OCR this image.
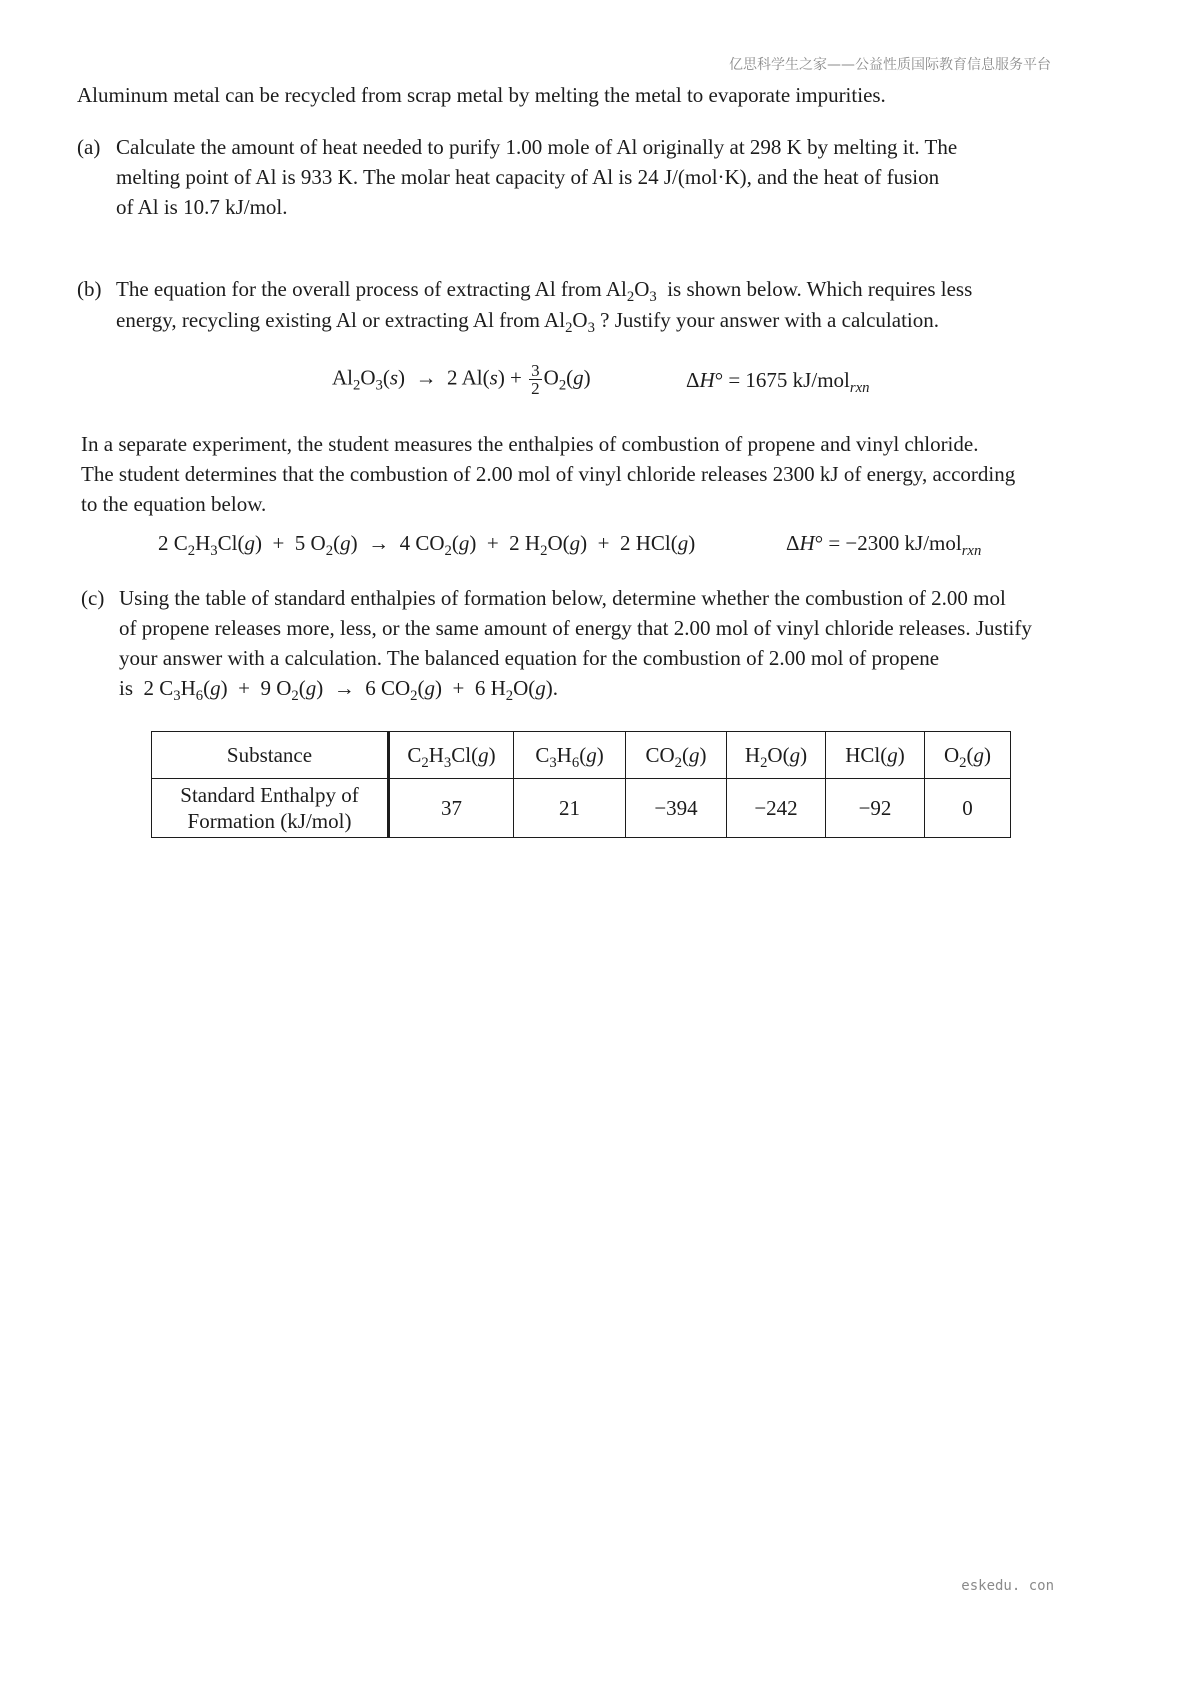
亿思科学生之家——公益性质国际教育信息服务平台
Aluminum metal can be recycled from scrap metal by melting the metal to evaporate impurities.
(a) Calculate the amount of heat needed to purify 1.00 mole of Al originally at 298 K by melting it. The
melting point of Al is 933 K. The molar heat capacity of Al is 24 J/(mol·K), and the heat of fusion
of Al is 10.7 kJ/mol.
(b) The equation for the overall process of extracting Al from $Al_2O_3$ is shown below. Which requires less
energy, recycling existing Al or extracting Al from $Al_2O_3$ ? Justify your answer with a calculation.
$Al_2O_3(s) \to 2$ $Al(s) + \frac{3}{2} O_2(g)$	ΔH° = 1675 kJ/mol$_{rxn}$
In a separate experiment, the student measures the enthalpies of combustion of propene and vinyl chloride.
The student determines that the combustion of 2.00 mol of vinyl chloride releases 2300 kJ of energy, according
to the equation below.
2 $C_2H_3Cl(g) + 5$ $O_2(g) \to 4$ $CO_2(g) + 2$ $H_2O(g) + 2$ HCl(g)	ΔH° = −2300 kJ/mol$_{rxn}$
(c) Using the table of standard enthalpies of formation below, determine whether the combustion of 2.00 mol
of propene releases more, less, or the same amount of energy that 2.00 mol of vinyl chloride releases. Justify
your answer with a calculation. The balanced equation for the combustion of 2.00 mol of propene
is  2 $C_3H_6(g) + 9$ $O_2(g) \to 6$ $CO_2(g) + 6$ $H_2O(g)$.
Substance	$C_2H_3Cl(g)$	$C_3H_6(g)$	$CO_2(g)$	$H_2O(g)$	HCl(g)	$O_2(g)$

Standard Enthalpy of
Formation (kJ/mol)	37	21	−394	−242	−92	0
eskedu. con
